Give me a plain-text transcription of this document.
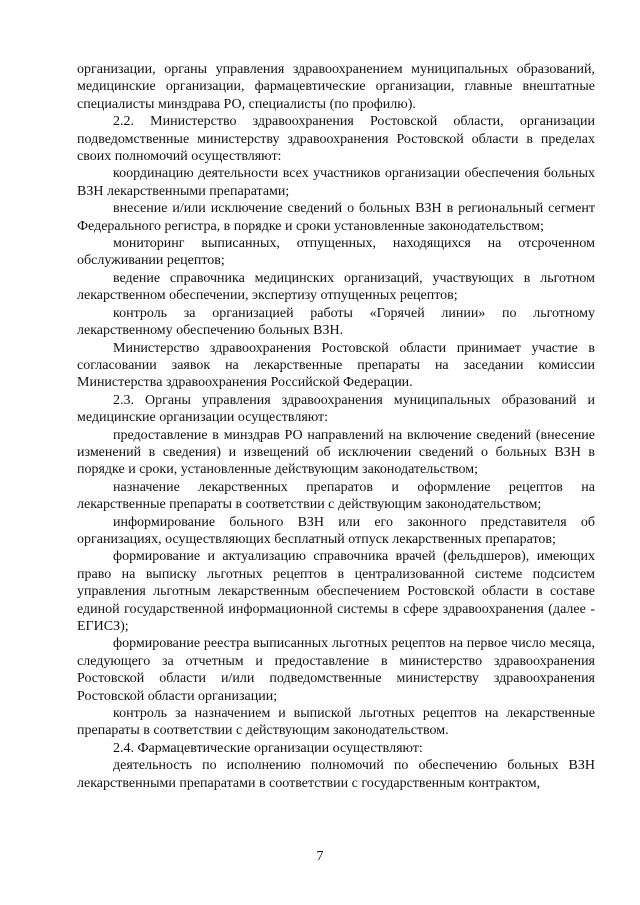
организации, органы управления здравоохранением муниципальных образований, медицинские организации, фармацевтические организации, главные внештатные специалисты минздрава РО, специалисты (по профилю).

2.2. Министерство здравоохранения Ростовской области, организации подведомственные министерству здравоохранения Ростовской области в пределах своих полномочий осуществляют:

координацию деятельности всех участников организации обеспечения больных ВЗН лекарственными препаратами;

внесение и/или исключение сведений о больных ВЗН в региональный сегмент Федерального регистра, в порядке и сроки установленные законодательством;

мониторинг выписанных, отпущенных, находящихся на отсроченном обслуживании рецептов;

ведение справочника медицинских организаций, участвующих в льготном лекарственном обеспечении, экспертизу отпущенных рецептов;

контроль за организацией работы «Горячей линии» по льготному лекарственному обеспечению больных ВЗН.

Министерство здравоохранения Ростовской области принимает участие в согласовании заявок на лекарственные препараты на заседании комиссии Министерства здравоохранения Российской Федерации.

2.3. Органы управления здравоохранения муниципальных образований и медицинские организации осуществляют:

предоставление в минздрав РО направлений на включение сведений (внесение изменений в сведения) и извещений об исключении сведений о больных ВЗН в порядке и сроки, установленные действующим законодательством;

назначение лекарственных препаратов и оформление рецептов на лекарственные препараты в соответствии с действующим законодательством;

информирование больного ВЗН или его законного представителя об организациях, осуществляющих бесплатный отпуск лекарственных препаратов;

формирование и актуализацию справочника врачей (фельдшеров), имеющих право на выписку льготных рецептов в централизованной системе подсистем управления льготным лекарственным обеспечением Ростовской области в составе единой государственной информационной системы в сфере здравоохранения (далее - ЕГИСЗ);

формирование реестра выписанных льготных рецептов на первое число месяца, следующего за отчетным и предоставление в министерство здравоохранения Ростовской области и/или подведомственные министерству здравоохранения Ростовской области организации;

контроль за назначением и выпиской льготных рецептов на лекарственные препараты в соответствии с действующим законодательством.

2.4. Фармацевтические организации осуществляют:

деятельность по исполнению полномочий по обеспечению больных ВЗН лекарственными препаратами в соответствии с государственным контрактом,

7
